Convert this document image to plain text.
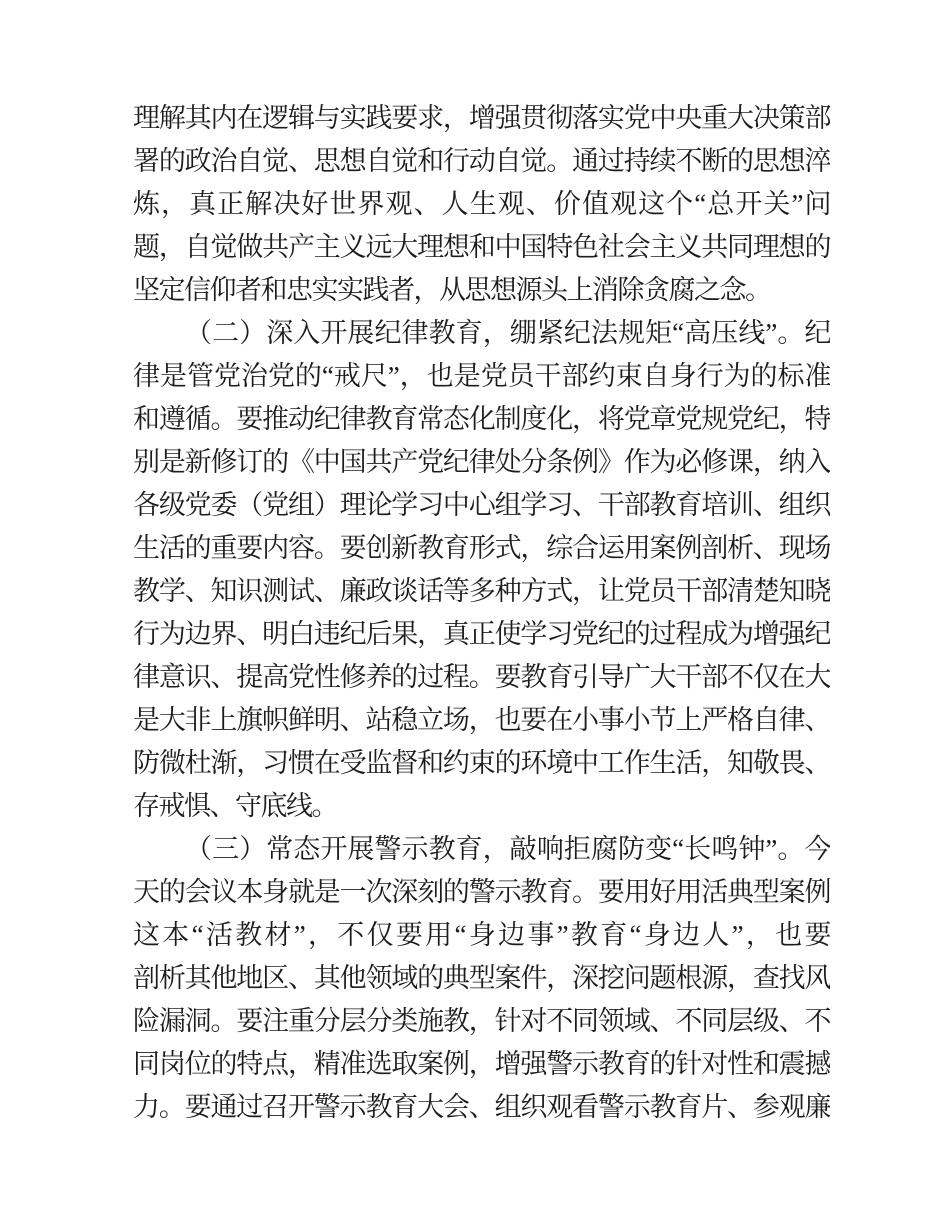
理解其内在逻辑与实践要求，增强贯彻落实党中央重大决策部
署的政治自觉、思想自觉和行动自觉。通过持续不断的思想淬
炼，真正解决好世界观、人生观、价值观这个“总开关”问
题，自觉做共产主义远大理想和中国特色社会主义共同理想的
坚定信仰者和忠实实践者，从思想源头上消除贪腐之念。
（二）深入开展纪律教育，绷紧纪法规矩“高压线”。纪
律是管党治党的“戒尺”，也是党员干部约束自身行为的标准
和遵循。要推动纪律教育常态化制度化，将党章党规党纪，特
别是新修订的《中国共产党纪律处分条例》作为必修课，纳入
各级党委（党组）理论学习中心组学习、干部教育培训、组织
生活的重要内容。要创新教育形式，综合运用案例剖析、现场
教学、知识测试、廉政谈话等多种方式，让党员干部清楚知晓
行为边界、明白违纪后果，真正使学习党纪的过程成为增强纪
律意识、提高党性修养的过程。要教育引导广大干部不仅在大
是大非上旗帜鲜明、站稳立场，也要在小事小节上严格自律、
防微杜渐，习惯在受监督和约束的环境中工作生活，知敬畏、
存戒惧、守底线。
（三）常态开展警示教育，敲响拒腐防变“长鸣钟”。今
天的会议本身就是一次深刻的警示教育。要用好用活典型案例
这本“活教材”，不仅要用“身边事”教育“身边人”，也要
剖析其他地区、其他领域的典型案件，深挖问题根源，查找风
险漏洞。要注重分层分类施教，针对不同领域、不同层级、不
同岗位的特点，精准选取案例，增强警示教育的针对性和震撼
力。要通过召开警示教育大会、组织观看警示教育片、参观廉
